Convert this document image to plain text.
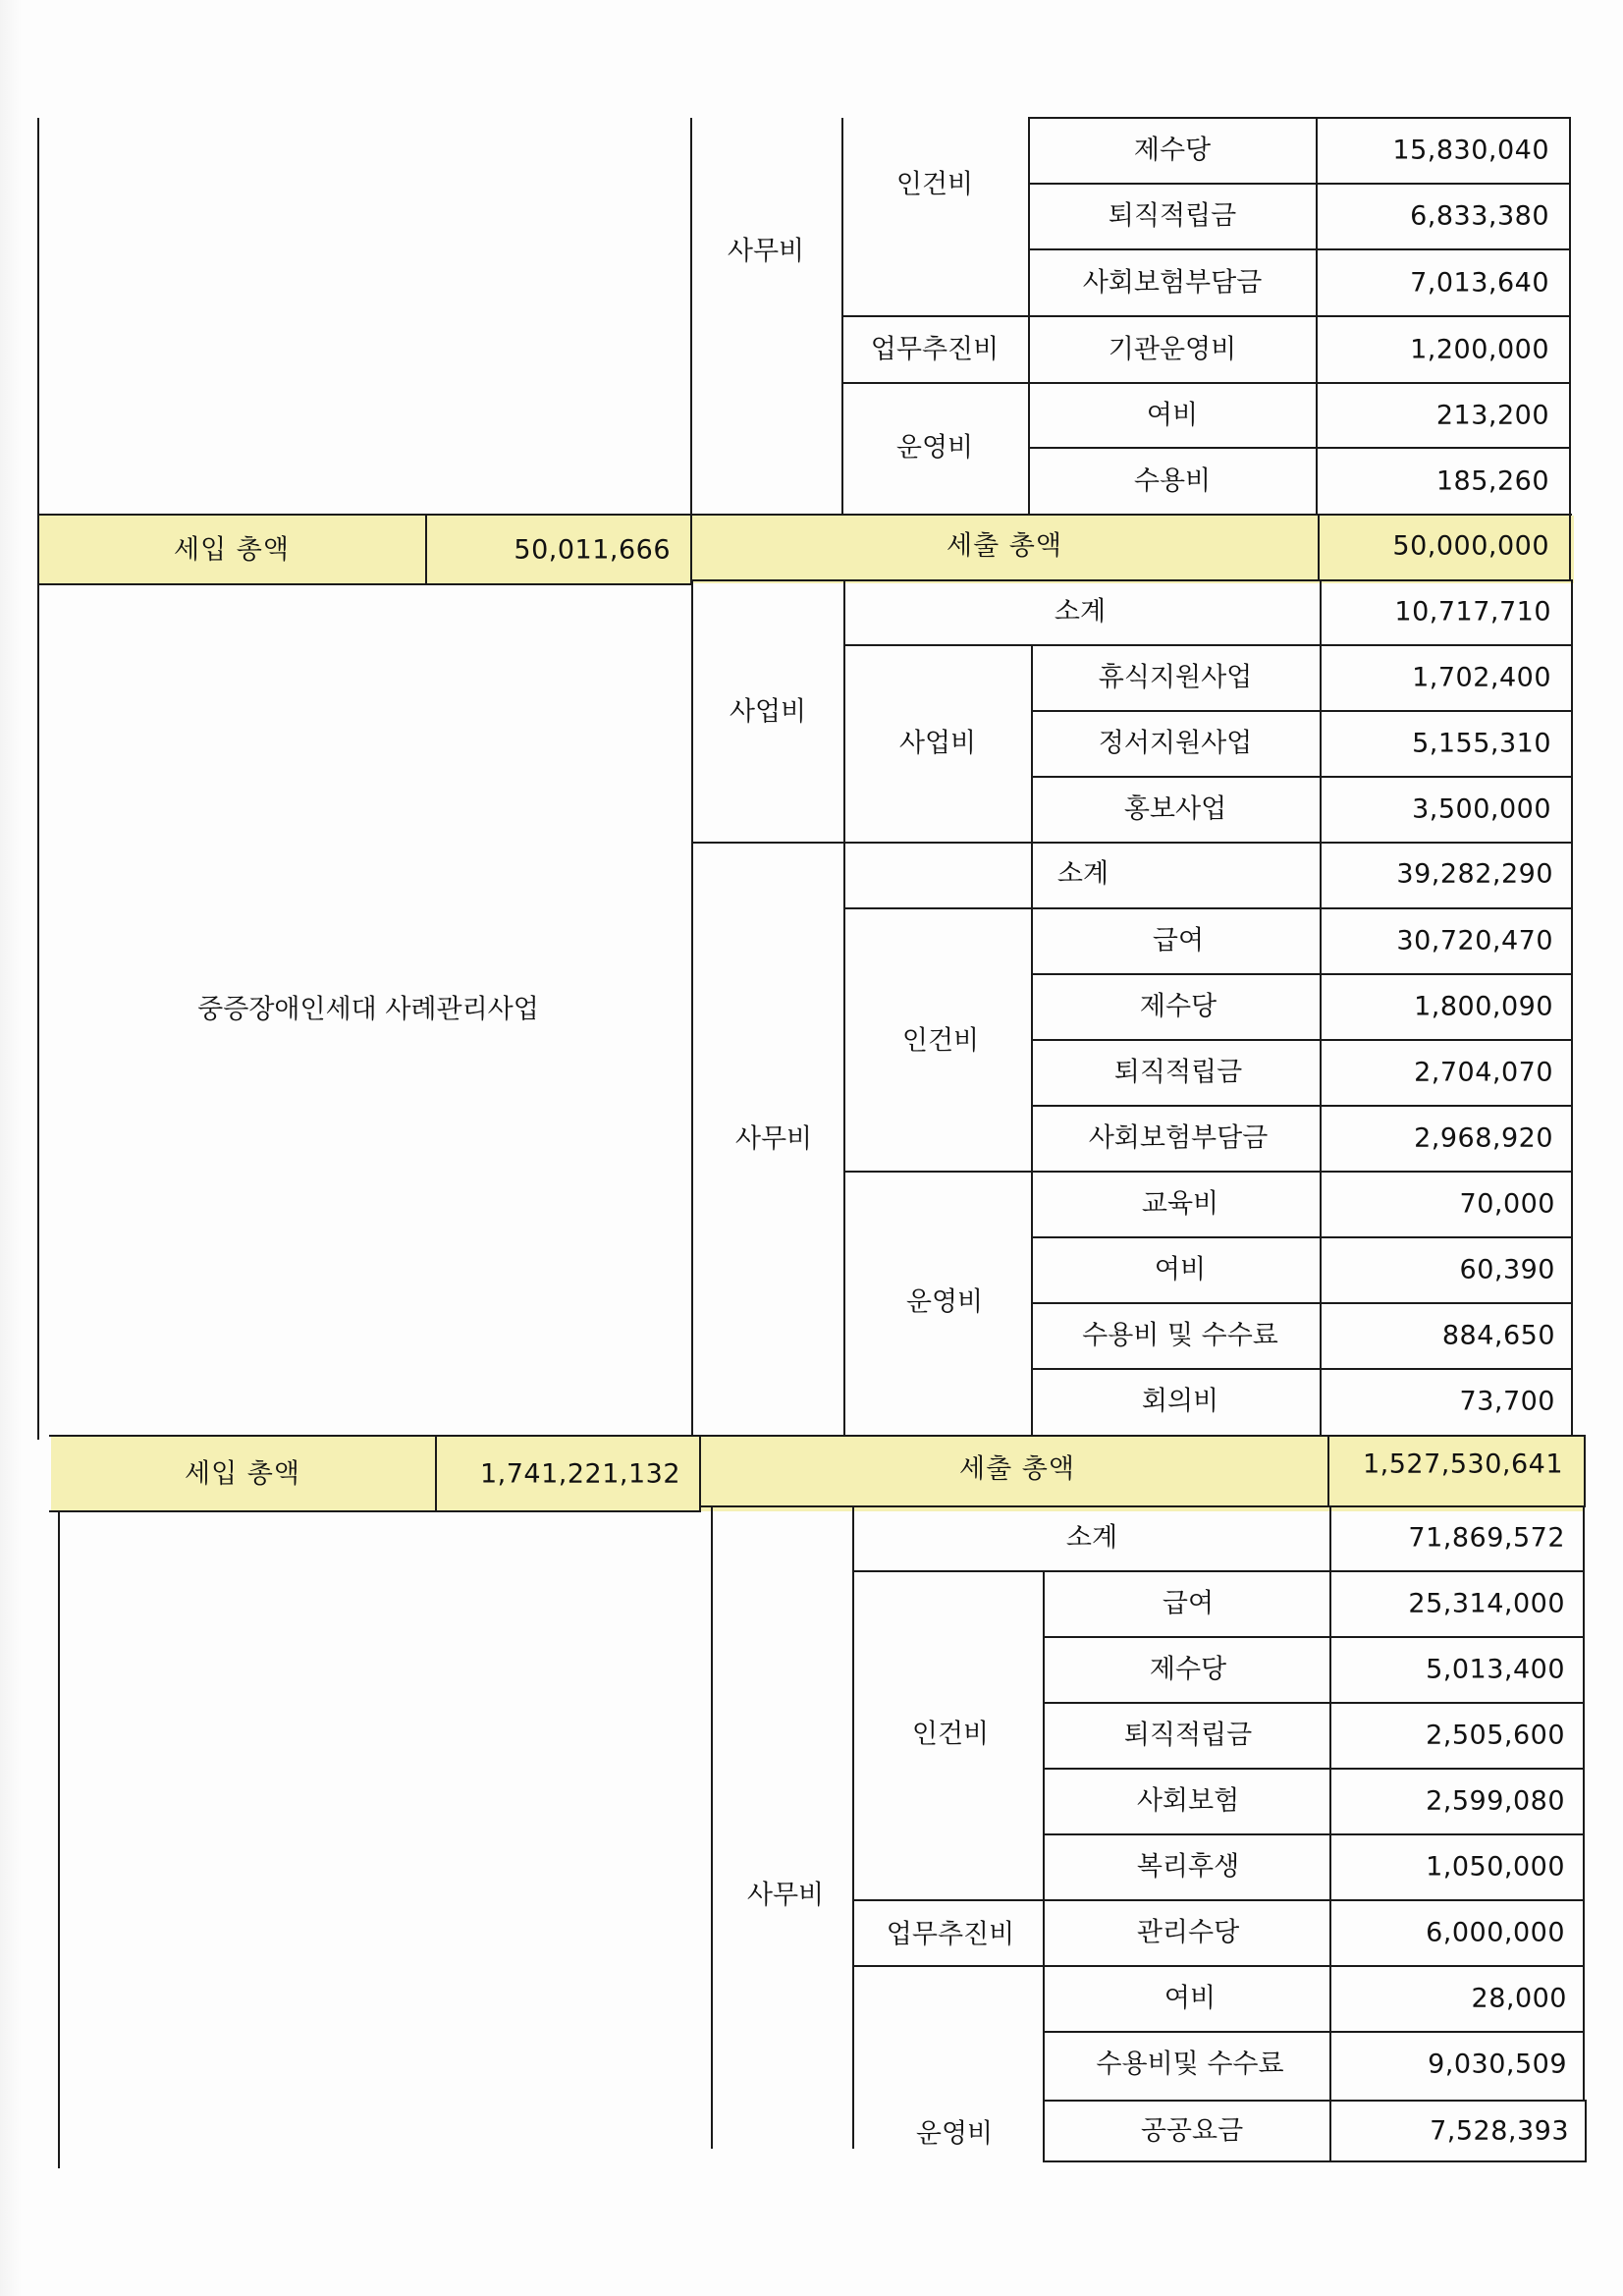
사무비
인건비
제수당	15,830,040
퇴직적립금	6,833,380
사회보험부담금	7,013,640
업무추진비	기관운영비	1,200,000
운영비
여비	213,200
수용비	185,260
세입 총액	50,011,666	세출 총액	50,000,000
중증장애인세대 사례관리사업
사업비
소계	10,717,710
사업비
휴식지원사업	1,702,400
정서지원사업	5,155,310
홍보사업	3,500,000
사무비
소계	39,282,290
인건비
급여	30,720,470
제수당	1,800,090
퇴직적립금	2,704,070
사회보험부담금	2,968,920
운영비
교육비	70,000
여비	60,390
수용비 및 수수료	884,650
회의비	73,700
세입 총액	1,741,221,132	세출 총액	1,527,530,641
사무비
소계	71,869,572
인건비
급여	25,314,000
제수당	5,013,400
퇴직적립금	2,505,600
사회보험	2,599,080
복리후생	1,050,000
업무추진비	관리수당	6,000,000
운영비
여비	28,000
수용비및 수수료	9,030,509
공공요금	7,528,393
